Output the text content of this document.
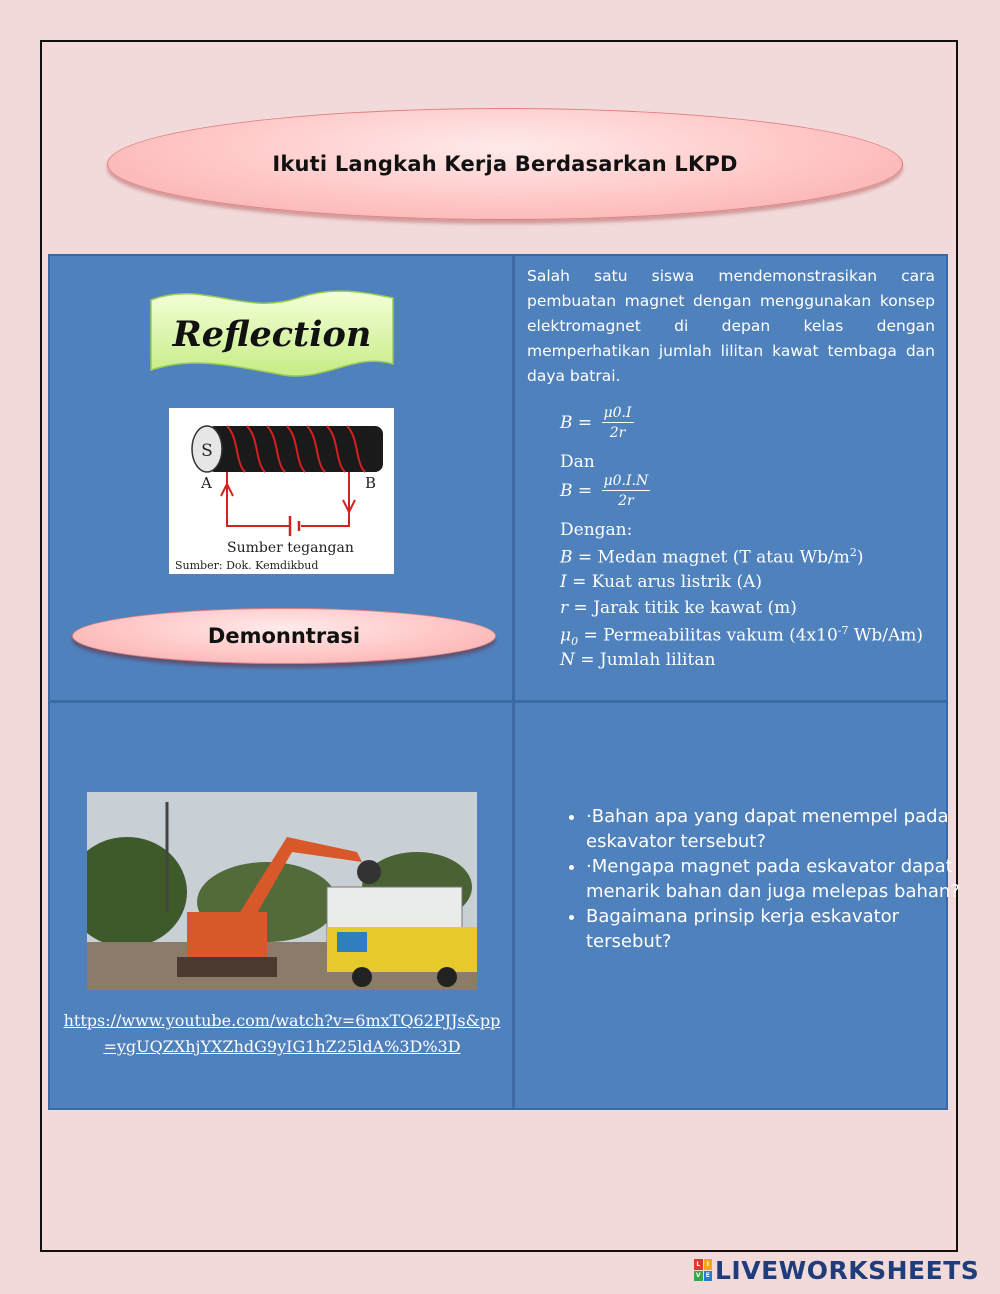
Ikuti Langkah Kerja Berdasarkan LKPD
Reflection
S
A	B
Sumber tegangan
Sumber: Dok. Kemdikbud
Demonntrasi
Salah satu siswa mendemonstrasikan cara pembuatan magnet dengan menggunakan konsep elektromagnet di depan kelas dengan memperhatikan jumlah lilitan kawat tembaga dan daya batrai.
$B = \frac{\mu 0.I}{2r}$
Dan
$B = \frac{\mu 0.I.N}{2r}$
Dengan:
B = Medan magnet (T atau $Wb/m^2$)
I = Kuat arus listrik (A)
r = Jarak titik ke kawat (m)
$\mu_0$ = Permeabilitas vakum ($4x10^{-7}$ Wb/Am)
N = Jumlah lilitan
https://www.youtube.com/watch?v=6mxTQ62PJJs&pp=ygUQZXhjYXZhdG9yIG1hZ25ldA%3D%3D
• ·Bahan apa yang dapat menempel pada eskavator tersebut?
• ·Mengapa magnet pada eskavator dapat menarik bahan dan juga melepas bahan?
• Bagaimana prinsip kerja eskavator tersebut?
L	I
V E LIVEWORKSHEETS
